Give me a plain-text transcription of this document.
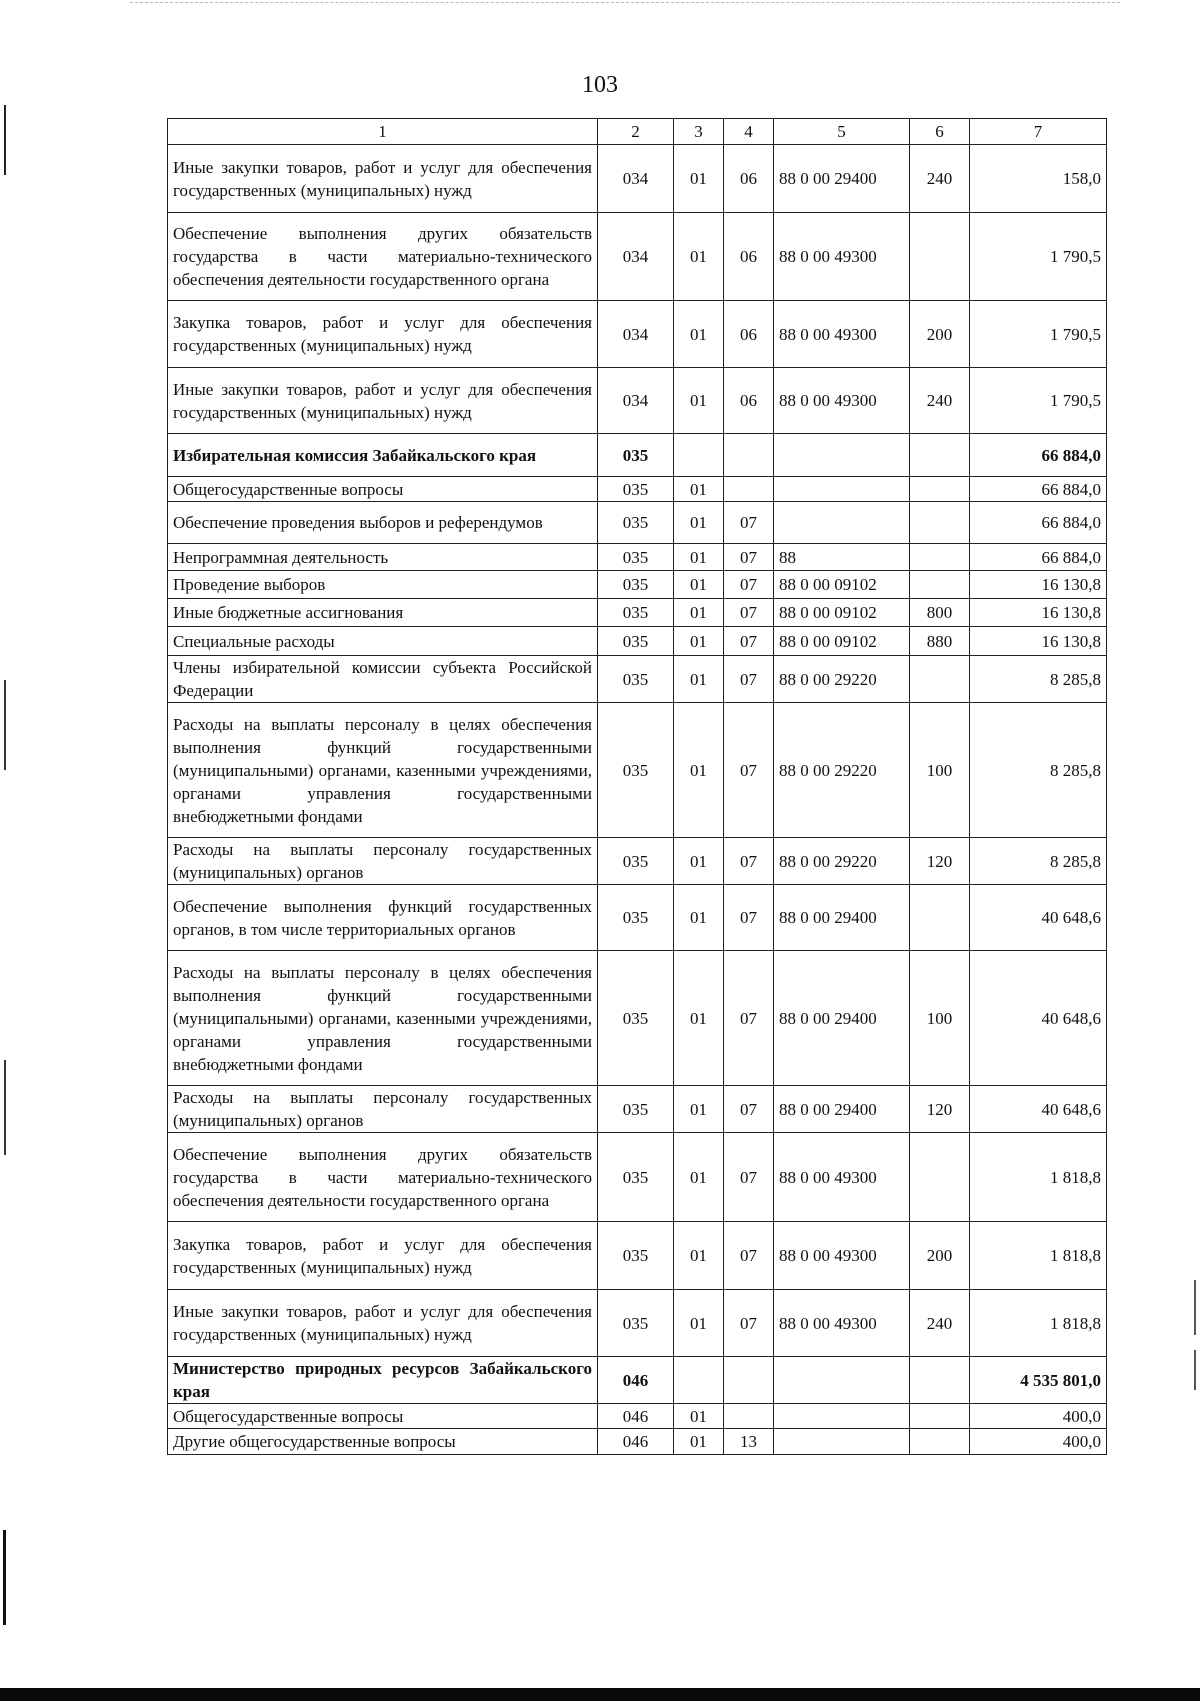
103
1	2	3	4	5	6	7
Иные закупки товаров, работ и услуг для обеспечения государственных (муниципальных) нужд	034	01	06	88 0 00 29400	240	158,0
Обеспечение выполнения других обязательств государства в части материально-технического обеспечения деятельности государственного органа	034	01	06	88 0 00 49300		1 790,5
Закупка товаров, работ и услуг для обеспечения государственных (муниципальных) нужд	034	01	06	88 0 00 49300	200	1 790,5
Иные закупки товаров, работ и услуг для обеспечения государственных (муниципальных) нужд	034	01	06	88 0 00 49300	240	1 790,5
Избирательная комиссия Забайкальского края	035					66 884,0
Общегосударственные вопросы	035	01				66 884,0
Обеспечение проведения выборов и референдумов	035	01	07			66 884,0
Непрограммная деятельность	035	01	07	88		66 884,0
Проведение выборов	035	01	07	88 0 00 09102		16 130,8
Иные бюджетные ассигнования	035	01	07	88 0 00 09102	800	16 130,8
Специальные расходы	035	01	07	88 0 00 09102	880	16 130,8
Члены избирательной комиссии субъекта Российской Федерации	035	01	07	88 0 00 29220		8 285,8
Расходы на выплаты персоналу в целях обеспечения выполнения функций государственными (муниципальными) органами, казенными учреждениями, органами управления государственными внебюджетными фондами	035	01	07	88 0 00 29220	100	8 285,8
Расходы на выплаты персоналу государственных (муниципальных) органов	035	01	07	88 0 00 29220	120	8 285,8
Обеспечение выполнения функций государственных органов, в том числе территориальных органов	035	01	07	88 0 00 29400		40 648,6
Расходы на выплаты персоналу в целях обеспечения выполнения функций государственными (муниципальными) органами, казенными учреждениями, органами управления государственными внебюджетными фондами	035	01	07	88 0 00 29400	100	40 648,6
Расходы на выплаты персоналу государственных (муниципальных) органов	035	01	07	88 0 00 29400	120	40 648,6
Обеспечение выполнения других обязательств государства в части материально-технического обеспечения деятельности государственного органа	035	01	07	88 0 00 49300		1 818,8
Закупка товаров, работ и услуг для обеспечения государственных (муниципальных) нужд	035	01	07	88 0 00 49300	200	1 818,8
Иные закупки товаров, работ и услуг для обеспечения государственных (муниципальных) нужд	035	01	07	88 0 00 49300	240	1 818,8
Министерство природных ресурсов Забайкальского края	046					4 535 801,0
Общегосударственные вопросы	046	01				400,0
Другие общегосударственные вопросы	046	01	13			400,0
